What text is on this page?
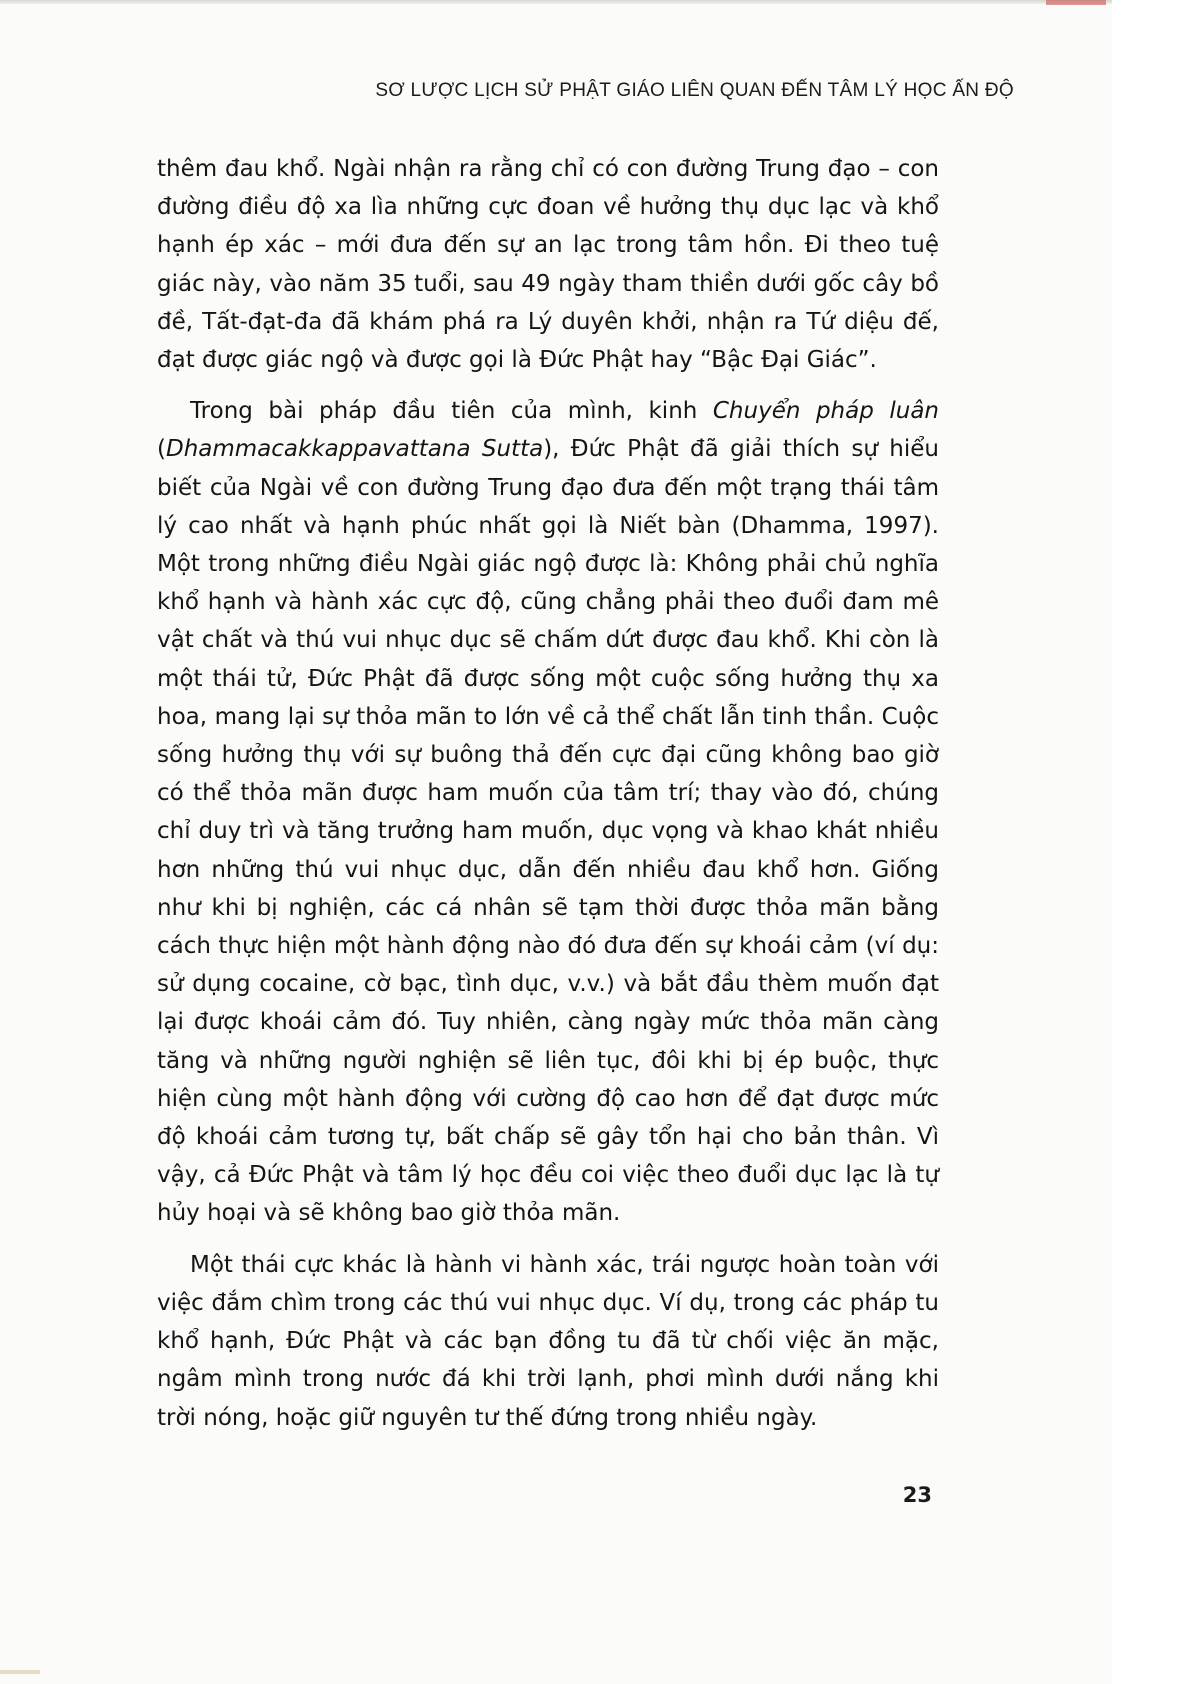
SƠ LƯỢC LỊCH SỬ PHẬT GIÁO LIÊN QUAN ĐẾN TÂM LÝ HỌC ẤN ĐỘ

thêm đau khổ. Ngài nhận ra rằng chỉ có con đường Trung đạo – con đường điều độ xa lìa những cực đoan về hưởng thụ dục lạc và khổ hạnh ép xác – mới đưa đến sự an lạc trong tâm hồn. Đi theo tuệ giác này, vào năm 35 tuổi, sau 49 ngày tham thiền dưới gốc cây bồ đề, Tất-đạt-đa đã khám phá ra Lý duyên khởi, nhận ra Tứ diệu đế, đạt được giác ngộ và được gọi là Đức Phật hay “Bậc Đại Giác”.

Trong bài pháp đầu tiên của mình, kinh Chuyển pháp luân (Dhammacakkappavattana Sutta), Đức Phật đã giải thích sự hiểu biết của Ngài về con đường Trung đạo đưa đến một trạng thái tâm lý cao nhất và hạnh phúc nhất gọi là Niết bàn (Dhamma, 1997). Một trong những điều Ngài giác ngộ được là: Không phải chủ nghĩa khổ hạnh và hành xác cực độ, cũng chẳng phải theo đuổi đam mê vật chất và thú vui nhục dục sẽ chấm dứt được đau khổ. Khi còn là một thái tử, Đức Phật đã được sống một cuộc sống hưởng thụ xa hoa, mang lại sự thỏa mãn to lớn về cả thể chất lẫn tinh thần. Cuộc sống hưởng thụ với sự buông thả đến cực đại cũng không bao giờ có thể thỏa mãn được ham muốn của tâm trí; thay vào đó, chúng chỉ duy trì và tăng trưởng ham muốn, dục vọng và khao khát nhiều hơn những thú vui nhục dục, dẫn đến nhiều đau khổ hơn. Giống như khi bị nghiện, các cá nhân sẽ tạm thời được thỏa mãn bằng cách thực hiện một hành động nào đó đưa đến sự khoái cảm (ví dụ: sử dụng cocaine, cờ bạc, tình dục, v.v.) và bắt đầu thèm muốn đạt lại được khoái cảm đó. Tuy nhiên, càng ngày mức thỏa mãn càng tăng và những người nghiện sẽ liên tục, đôi khi bị ép buộc, thực hiện cùng một hành động với cường độ cao hơn để đạt được mức độ khoái cảm tương tự, bất chấp sẽ gây tổn hại cho bản thân. Vì vậy, cả Đức Phật và tâm lý học đều coi việc theo đuổi dục lạc là tự hủy hoại và sẽ không bao giờ thỏa mãn.

Một thái cực khác là hành vi hành xác, trái ngược hoàn toàn với việc đắm chìm trong các thú vui nhục dục. Ví dụ, trong các pháp tu khổ hạnh, Đức Phật và các bạn đồng tu đã từ chối việc ăn mặc, ngâm mình trong nước đá khi trời lạnh, phơi mình dưới nắng khi trời nóng, hoặc giữ nguyên tư thế đứng trong nhiều ngày.

23
